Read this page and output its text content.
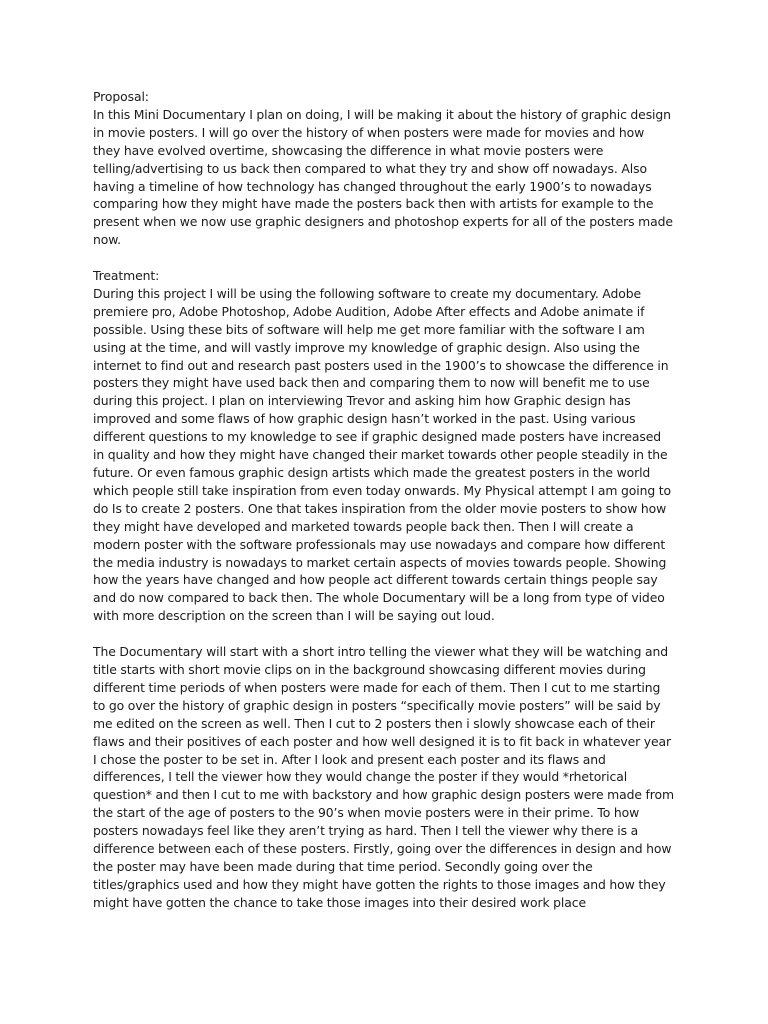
Proposal:
In this Mini Documentary I plan on doing, I will be making it about the history of graphic design in movie posters. I will go over the history of when posters were made for movies and how they have evolved overtime, showcasing the difference in what movie posters were telling/advertising to us back then compared to what they try and show off nowadays. Also having a timeline of how technology has changed throughout the early 1900’s to nowadays comparing how they might have made the posters back then with artists for example to the present when we now use graphic designers and photoshop experts for all of the posters made now.
Treatment:
During this project I will be using the following software to create my documentary. Adobe premiere pro, Adobe Photoshop, Adobe Audition, Adobe After effects and Adobe animate if possible. Using these bits of software will help me get more familiar with the software I am using at the time, and will vastly improve my knowledge of graphic design. Also using the internet to find out and research past posters used in the 1900’s to showcase the difference in posters they might have used back then and comparing them to now will benefit me to use during this project. I plan on interviewing Trevor and asking him how Graphic design has improved and some flaws of how graphic design hasn’t worked in the past. Using various different questions to my knowledge to see if graphic designed made posters have increased in quality and how they might have changed their market towards other people steadily in the future. Or even famous graphic design artists which made the greatest posters in the world which people still take inspiration from even today onwards. My Physical attempt I am going to do Is to create 2 posters. One that takes inspiration from the older movie posters to show how they might have developed and marketed towards people back then. Then I will create a modern poster with the software professionals may use nowadays and compare how different the media industry is nowadays to market certain aspects of movies towards people. Showing how the years have changed and how people act different towards certain things people say and do now compared to back then. The whole Documentary will be a long from type of video with more description on the screen than I will be saying out loud.
The Documentary will start with a short intro telling the viewer what they will be watching and title starts with short movie clips on in the background showcasing different movies during different time periods of when posters were made for each of them. Then I cut to me starting to go over the history of graphic design in posters “specifically movie posters” will be said by me edited on the screen as well. Then I cut to 2 posters then i slowly showcase each of their flaws and their positives of each poster and how well designed it is to fit back in whatever year I chose the poster to be set in. After I look and present each poster and its flaws and differences, I tell the viewer how they would change the poster if they would *rhetorical question* and then I cut to me with backstory and how graphic design posters were made from the start of the age of posters to the 90’s when movie posters were in their prime. To how posters nowadays feel like they aren’t trying as hard. Then I tell the viewer why there is a difference between each of these posters. Firstly, going over the differences in design and how the poster may have been made during that time period. Secondly going over the titles/graphics used and how they might have gotten the rights to those images and how they might have gotten the chance to take those images into their desired work place
